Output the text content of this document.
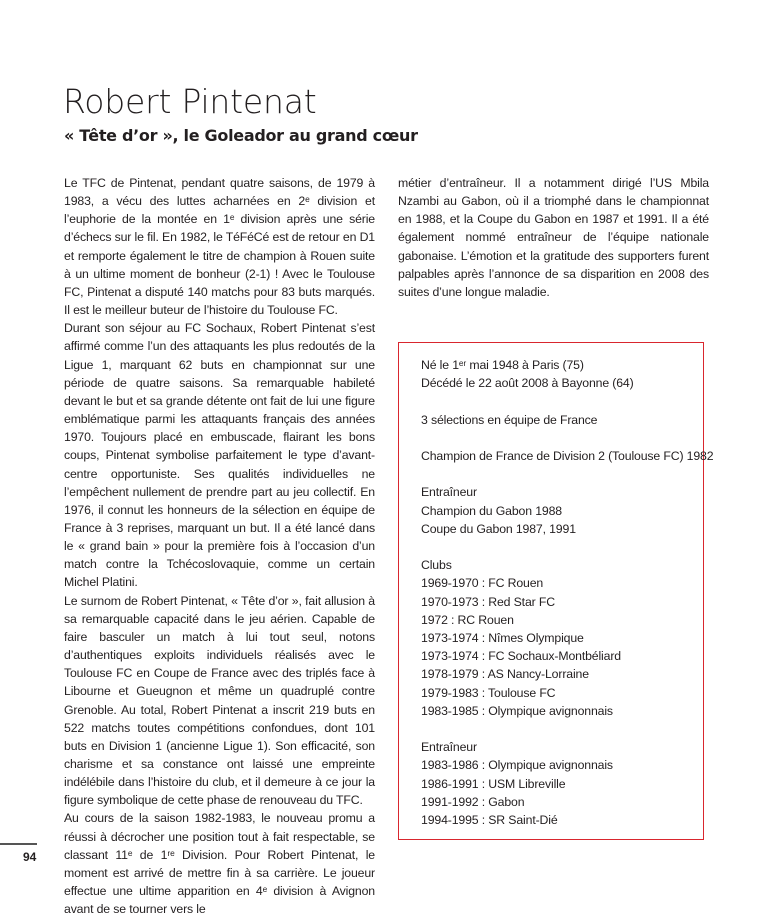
Robert Pintenat
« Tête d’or », le Goleador au grand cœur

Le TFC de Pintenat, pendant quatre saisons, de 1979 à 1983, a vécu des luttes acharnées en 2ᵉ division et l’euphorie de la montée en 1ᵉ division après une série d’échecs sur le fil. En 1982, le TéFéCé est de retour en D1 et remporte également le titre de champion à Rouen suite à un ultime moment de bonheur (2-1) ! Avec le Toulouse FC, Pintenat a disputé 140 matchs pour 83 buts marqués. Il est le meilleur buteur de l’histoire du Toulouse FC.

Durant son séjour au FC Sochaux, Robert Pintenat s’est affirmé comme l’un des attaquants les plus redoutés de la Ligue 1, marquant 62 buts en championnat sur une période de quatre saisons. Sa remarquable habileté devant le but et sa grande détente ont fait de lui une figure emblématique parmi les attaquants français des années 1970. Toujours placé en embuscade, flairant les bons coups, Pintenat symbolise parfaitement le type d’avant-centre opportuniste. Ses qualités individuelles ne l’empêchent nullement de prendre part au jeu collectif. En 1976, il connut les honneurs de la sélection en équipe de France à 3 reprises, marquant un but. Il a été lancé dans le « grand bain » pour la première fois à l’occasion d’un match contre la Tchécoslovaquie, comme un certain Michel Platini.

Le surnom de Robert Pintenat, « Tête d’or », fait allusion à sa remarquable capacité dans le jeu aérien. Capable de faire basculer un match à lui tout seul, notons d’authentiques exploits individuels réalisés avec le Toulouse FC en Coupe de France avec des triplés face à Libourne et Gueugnon et même un quadruplé contre Grenoble. Au total, Robert Pintenat a inscrit 219 buts en 522 matchs toutes compétitions confondues, dont 101 buts en Division 1 (ancienne Ligue 1). Son efficacité, son charisme et sa constance ont laissé une empreinte indélébile dans l’histoire du club, et il demeure à ce jour la figure symbolique de cette phase de renouveau du TFC.

Au cours de la saison 1982-1983, le nouveau promu a réussi à décrocher une position tout à fait respectable, se classant 11ᵉ de 1ʳᵉ Division. Pour Robert Pintenat, le moment est arrivé de mettre fin à sa carrière. Le joueur effectue une ultime apparition en 4ᵉ division à Avignon avant de se tourner vers le

métier d’entraîneur. Il a notamment dirigé l’US Mbila Nzambi au Gabon, où il a triomphé dans le championnat en 1988, et la Coupe du Gabon en 1987 et 1991. Il a été également nommé entraîneur de l’équipe nationale gabonaise. L’émotion et la gratitude des supporters furent palpables après l’annonce de sa disparition en 2008 des suites d’une longue maladie.

Né le 1ᵉʳ mai 1948 à Paris (75)
Décédé le 22 août 2008 à Bayonne (64)
3 sélections en équipe de France
Champion de France de Division 2 (Toulouse FC) 1982
Entraîneur
Champion du Gabon 1988
Coupe du Gabon 1987, 1991
Clubs
1969-1970 : FC Rouen
1970-1973 : Red Star FC
1972 : RC Rouen
1973-1974 : Nîmes Olympique
1973-1974 : FC Sochaux-Montbéliard
1978-1979 : AS Nancy-Lorraine
1979-1983 : Toulouse FC
1983-1985 : Olympique avignonnais
Entraîneur
1983-1986 : Olympique avignonnais
1986-1991 : USM Libreville
1991-1992 : Gabon
1994-1995 : SR Saint-Dié
94
